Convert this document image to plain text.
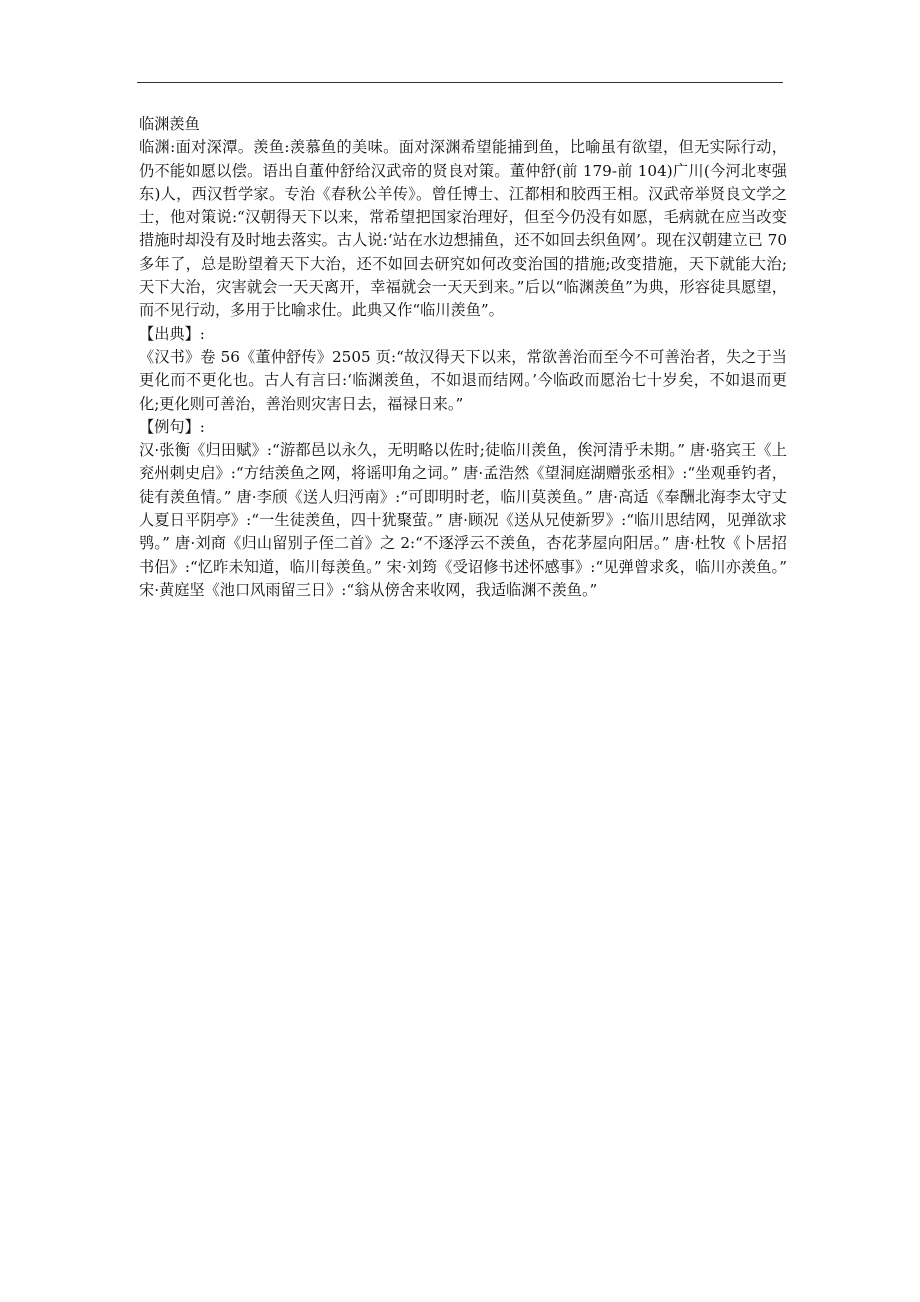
临渊羡鱼

临渊:面对深潭。羡鱼:羡慕鱼的美味。面对深渊希望能捕到鱼，比喻虽有欲望，但无实际行动，仍不能如愿以偿。语出自董仲舒给汉武帝的贤良对策。董仲舒(前 179-前 104)广川(今河北枣强东)人，西汉哲学家。专治《春秋公羊传》。曾任博士、江都相和胶西王相。汉武帝举贤良文学之士，他对策说:“汉朝得天下以来，常希望把国家治理好，但至今仍没有如愿，毛病就在应当改变措施时却没有及时地去落实。古人说:‘站在水边想捕鱼，还不如回去织鱼网’。现在汉朝建立已 70 多年了，总是盼望着天下大治，还不如回去研究如何改变治国的措施;改变措施，天下就能大治;天下大治，灾害就会一天天离开，幸福就会一天天到来。”后以“临渊羡鱼”为典，形容徒具愿望，而不见行动，多用于比喻求仕。此典又作“临川羡鱼”。

【出典】:

《汉书》卷 56《董仲舒传》2505 页:“故汉得天下以来，常欲善治而至今不可善治者，失之于当更化而不更化也。古人有言曰:‘临渊羡鱼，不如退而结网。’今临政而愿治七十岁矣，不如退而更化;更化则可善治，善治则灾害日去，福禄日来。”

【例句】:

汉·张衡《归田赋》:“游都邑以永久，无明略以佐时;徒临川羡鱼，俟河清乎未期。” 唐·骆宾王《上兖州刺史启》:“方结羡鱼之网，将谣叩角之词。” 唐·孟浩然《望洞庭湖赠张丞相》:“坐观垂钓者，徒有羡鱼情。” 唐·李颀《送人归沔南》:“可即明时老，临川莫羡鱼。” 唐·高适《奉酬北海李太守丈人夏日平阴亭》:“一生徒羡鱼，四十犹聚萤。” 唐·顾况《送从兄使新罗》:“临川思结网，见弹欲求鸮。” 唐·刘商《归山留别子侄二首》之 2:“不逐浮云不羡鱼，杏花茅屋向阳居。” 唐·杜牧《卜居招书侣》:“忆昨未知道，临川每羡鱼。” 宋·刘筠《受诏修书述怀感事》:“见弹曾求炙，临川亦羡鱼。” 宋·黄庭坚《池口风雨留三日》:“翁从傍舍来收网，我适临渊不羡鱼。”
